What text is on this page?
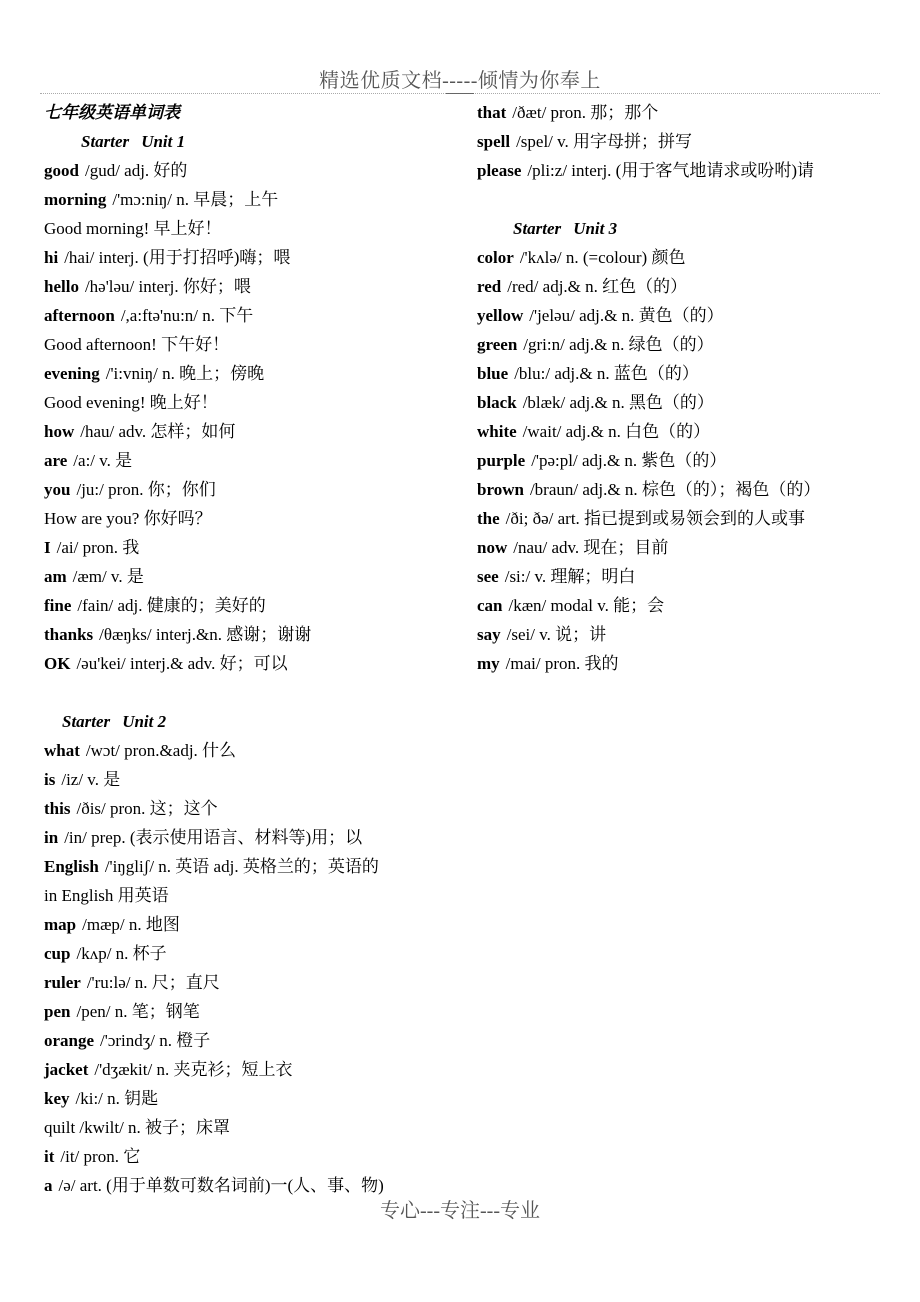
精选优质文档-----倾情为你奉上
七年级英语单词表
Starter Unit 1
good /gud/ adj. 好的
morning /'mɔ:niŋ/ n. 早晨；上午
Good morning! 早上好！
hi /hai/ interj. (用于打招呼)嗨；喂
hello /hə'ləu/ interj. 你好；喂
afternoon /,a:ftə'nu:n/ n. 下午
Good afternoon! 下午好！
evening /'i:vniŋ/ n. 晚上；傍晚
Good evening! 晚上好！
how /hau/ adv. 怎样；如何
are /a:/ v. 是
you /ju:/ pron. 你；你们
How are you? 你好吗？
I /ai/ pron. 我
am /æm/ v. 是
fine /fain/ adj. 健康的；美好的
thanks /θæŋks/ interj.&n. 感谢；谢谢
OK /əu'kei/ interj.& adv. 好；可以
Starter Unit 2
what /wɔt/ pron.&adj. 什么
is /iz/ v. 是
this /ðis/ pron. 这；这个
in /in/ prep. (表示使用语言、材料等)用；以
English /'iŋgliʃ/ n. 英语 adj. 英格兰的；英语的
in English 用英语
map /mæp/ n. 地图
cup /kʌp/ n. 杯子
ruler /'ru:lə/ n. 尺；直尺
pen /pen/ n. 笔；钢笔
orange /'ɔrindʒ/ n. 橙子
jacket /'dʒækit/ n. 夹克衫；短上衣
key /ki:/ n. 钥匙
quilt /kwilt/ n. 被子；床罩
it /it/ pron. 它
a /ə/ art. (用于单数可数名词前)一(人、事、物)
that /ðæt/ pron. 那；那个
spell /spel/ v. 用字母拼；拼写
please /pli:z/ interj. (用于客气地请求或吩咐)请
Starter Unit 3
color /'kʌlə/ n. (=colour) 颜色
red /red/ adj.& n. 红色（的）
yellow /'jeləu/ adj.& n. 黄色（的）
green /gri:n/ adj.& n. 绿色（的）
blue /blu:/ adj.& n. 蓝色（的）
black /blæk/ adj.& n. 黑色（的）
white /wait/ adj.& n. 白色（的）
purple /'pə:pl/ adj.& n. 紫色（的）
brown /braun/ adj.& n. 棕色（的）；褐色（的）
the /ði; ðə/ art. 指已提到或易领会到的人或事
now /nau/ adv. 现在；目前
see /si:/ v. 理解；明白
can /kæn/ modal v. 能；会
say /sei/ v. 说；讲
my /mai/ pron. 我的
专心---专注---专业
